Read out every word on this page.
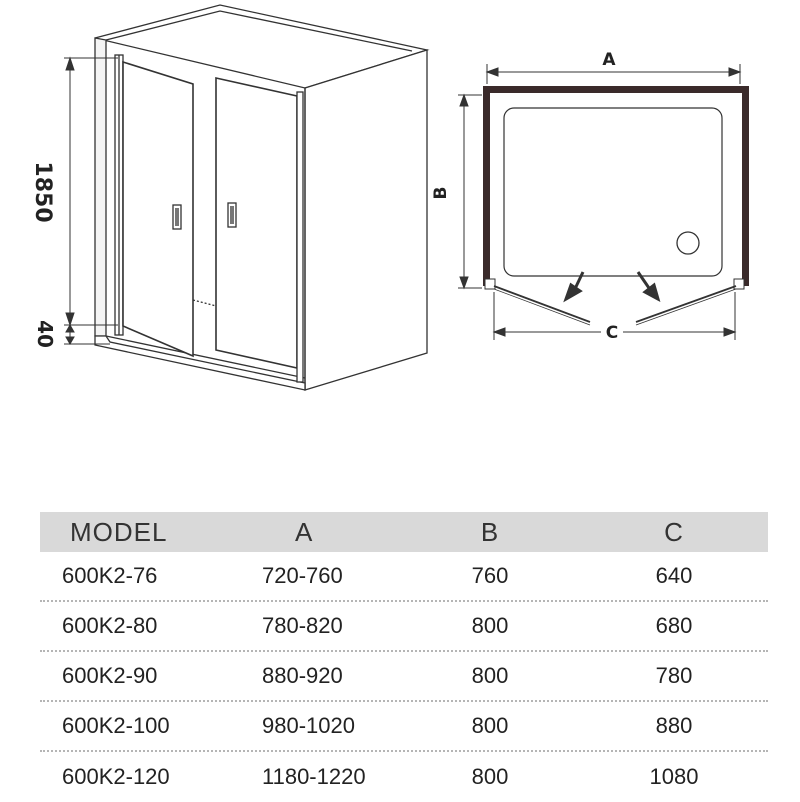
1850
40
A
B
C
MODEL	A	B	C
600K2-76	720-760	760	640
600K2-80	780-820	800	680
600K2-90	880-920	800	780
600K2-100	980-1020	800	880
600K2-120	1180-1220	800	1080
